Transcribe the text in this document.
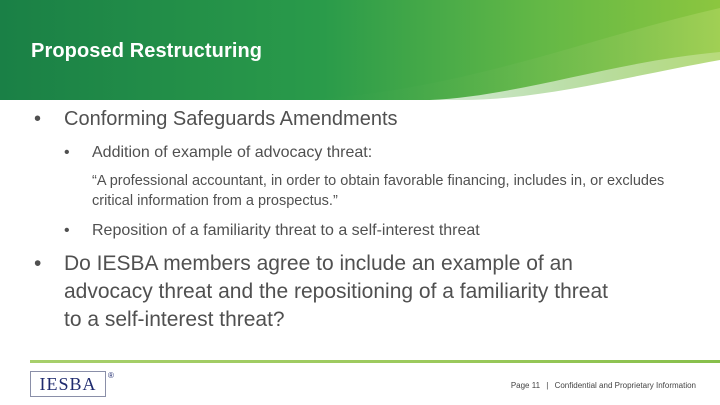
Proposed Restructuring
• Conforming Safeguards Amendments
• Addition of example of advocacy threat:
“A professional accountant, in order to obtain favorable financing, includes in, or excludes critical information from a prospectus.”
• Reposition of a familiarity threat to a self-interest threat
• Do IESBA members agree to include an example of an
advocacy threat and the repositioning of a familiarity threat
to a self-interest threat?
IESBA ®
Page 11 | Confidential and Proprietary Information
